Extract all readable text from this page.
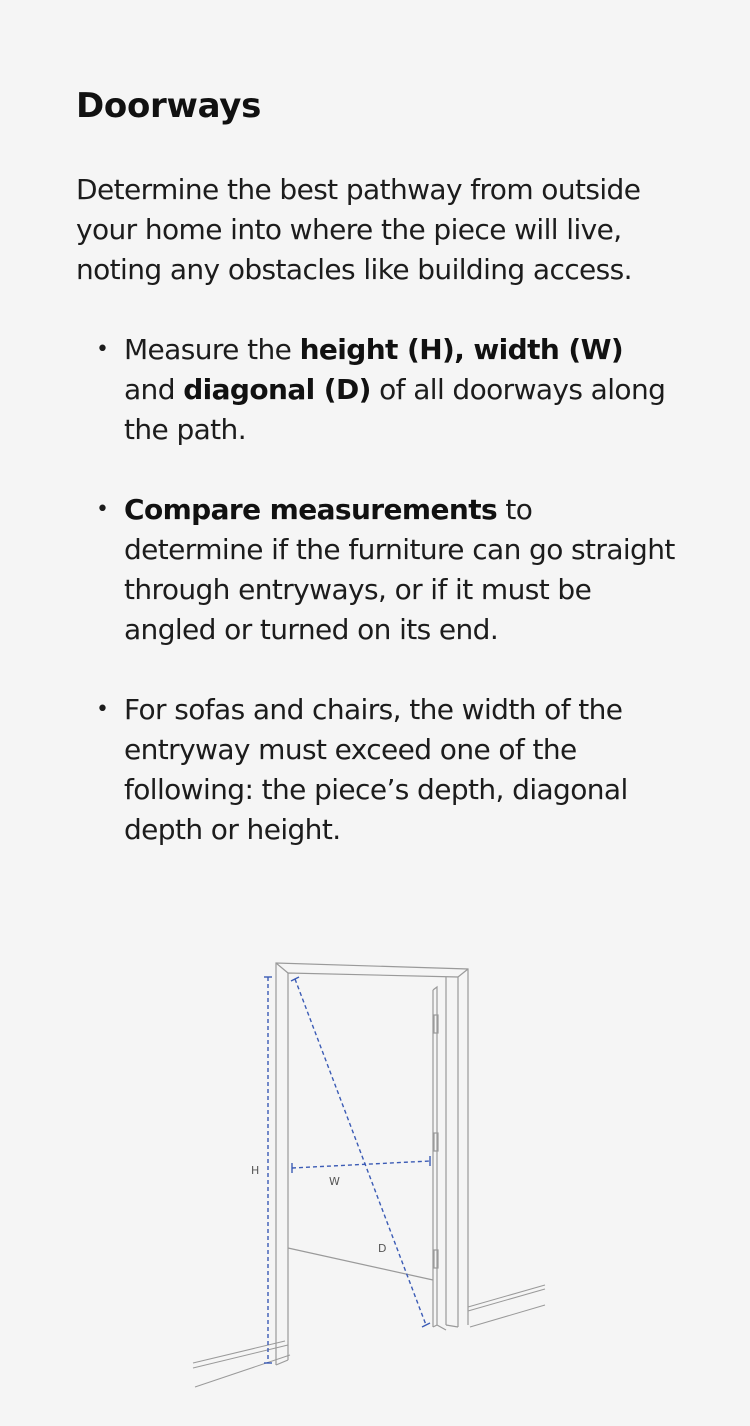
Doorways

Determine the best pathway from outside your home into where the piece will live, noting any obstacles like building access.

• Measure the height (H), width (W) and diagonal (D) of all doorways along the path.
• Compare measurements to determine if the furniture can go straight through entryways, or if it must be angled or turned on its end.
• For sofas and chairs, the width of the entryway must exceed one of the following: the piece’s depth, diagonal depth or height.
H
W
D
